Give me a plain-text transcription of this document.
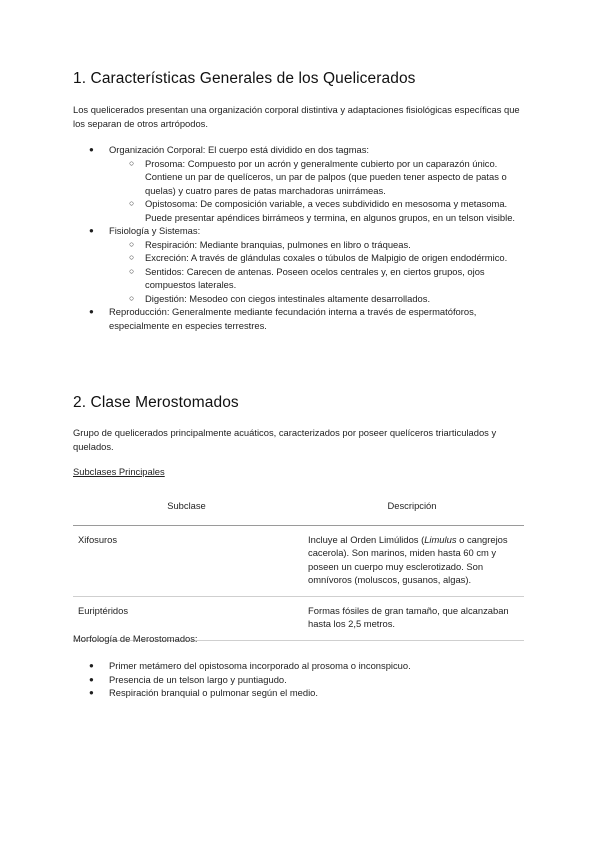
1. Características Generales de los Quelicerados

Los quelicerados presentan una organización corporal distintiva y adaptaciones fisiológicas específicas que los separan de otros artrópodos.

● Organización Corporal: El cuerpo está dividido en dos tagmas:
○ Prosoma: Compuesto por un acrón y generalmente cubierto por un caparazón único. Contiene un par de quelíceros, un par de palpos (que pueden tener aspecto de patas o quelas) y cuatro pares de patas marchadoras unirrámeas.
○ Opistosoma: De composición variable, a veces subdividido en mesosoma y metasoma. Puede presentar apéndices birrámeos y termina, en algunos grupos, en un telson visible.
● Fisiología y Sistemas:
○ Respiración: Mediante branquias, pulmones en libro o tráqueas.
○ Excreción: A través de glándulas coxales o túbulos de Malpigio de origen endodérmico.
○ Sentidos: Carecen de antenas. Poseen ocelos centrales y, en ciertos grupos, ojos compuestos laterales.
○ Digestión: Mesodeo con ciegos intestinales altamente desarrollados.
● Reproducción: Generalmente mediante fecundación interna a través de espermatóforos, especialmente en especies terrestres.
2. Clase Merostomados

Grupo de quelicerados principalmente acuáticos, caracterizados por poseer quelíceros triarticulados y quelados.

Subclases Principales
Subclase	Descripción
Xifosuros	Incluye al Orden Limúlidos (Limulus o cangrejos cacerola). Son marinos, miden hasta 60 cm y poseen un cuerpo muy esclerotizado. Son omnívoros (moluscos, gusanos, algas).
Euriptéridos	Formas fósiles de gran tamaño, que alcanzaban hasta los 2,5 metros.
Morfología de Merostomados:
● Primer metámero del opistosoma incorporado al prosoma o inconspicuo.
● Presencia de un telson largo y puntiagudo.
● Respiración branquial o pulmonar según el medio.
